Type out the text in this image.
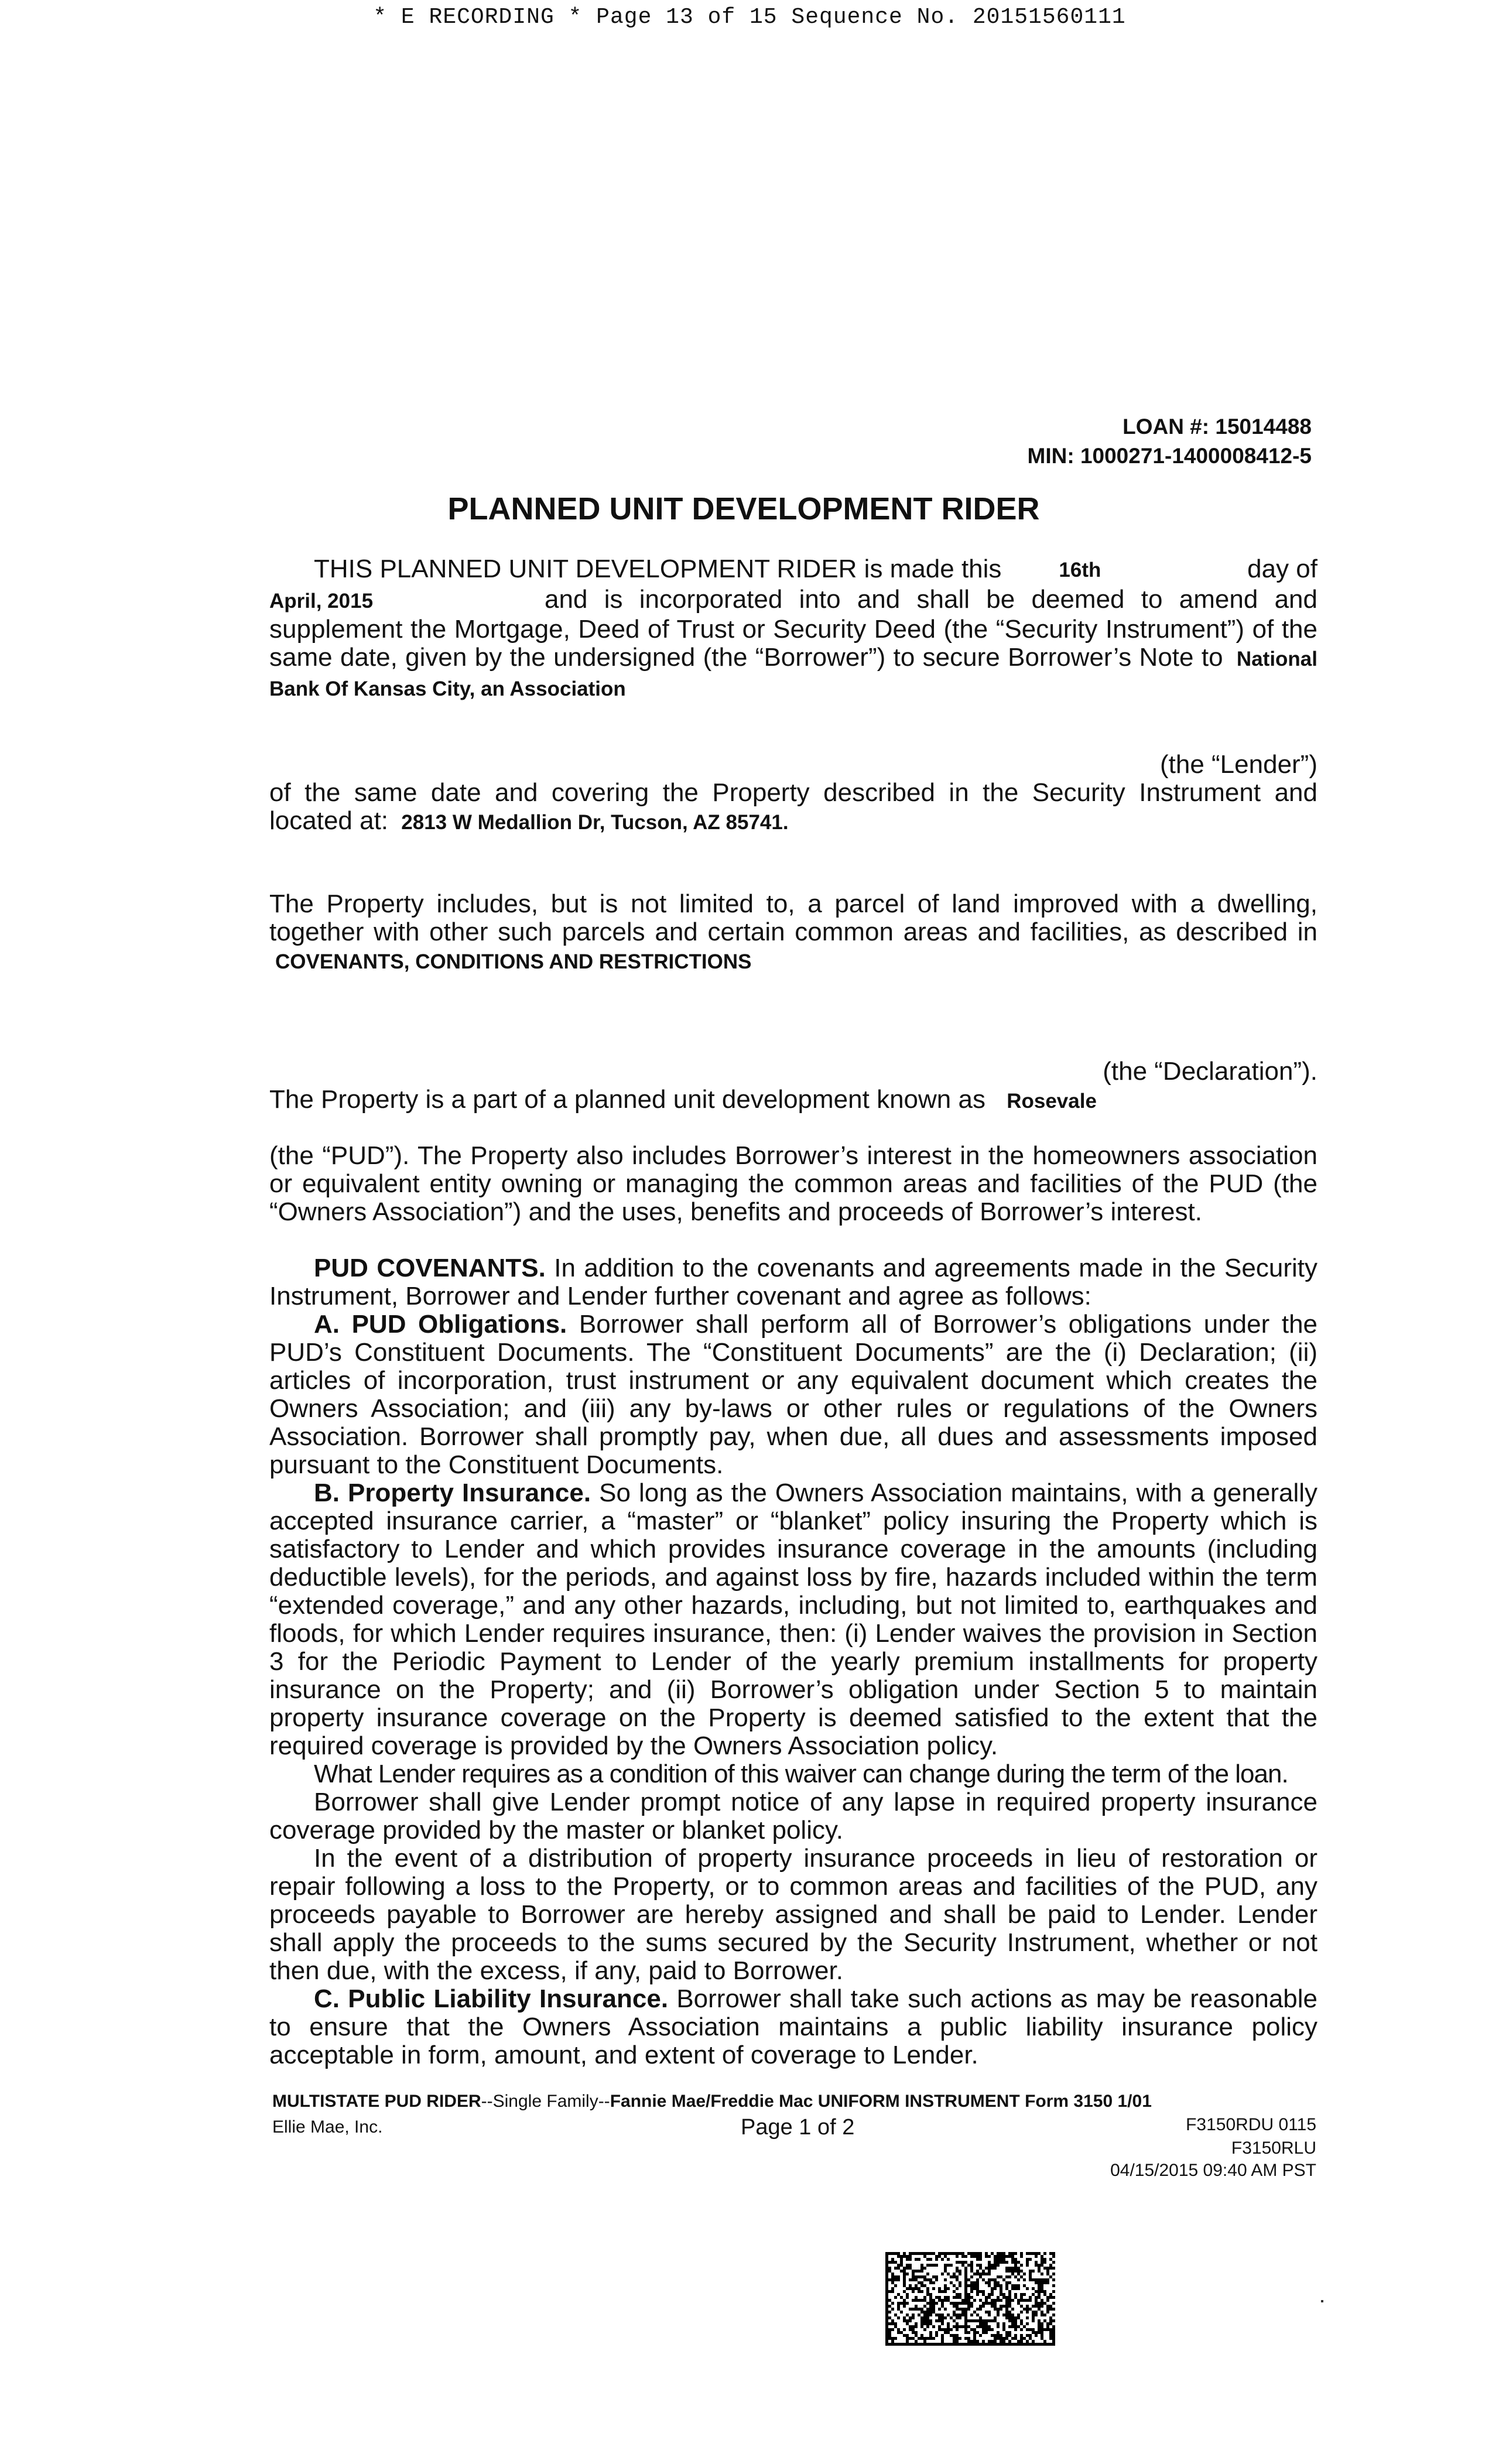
* E RECORDING * Page 13 of 15 Sequence No. 20151560111
LOAN #: 15014488
MIN: 1000271-1400008412-5
PLANNED UNIT DEVELOPMENT RIDER
THIS PLANNED UNIT DEVELOPMENT RIDER is made this	16th	day of
April, 2015	and is incorporated into and shall be deemed to amend and supplement the Mortgage, Deed of Trust or Security Deed (the “Security Instrument”) of the same date, given by the undersigned (the “Borrower”) to secure Borrower’s Note to National Bank Of Kansas City, an Association
(the “Lender”)
of the same date and covering the Property described in the Security Instrument and located at: 2813 W Medallion Dr, Tucson, AZ 85741.
The Property includes, but is not limited to, a parcel of land improved with a dwelling, together with other such parcels and certain common areas and facilities, as described in COVENANTS, CONDITIONS AND RESTRICTIONS
(the “Declaration”).
The Property is a part of a planned unit development known as Rosevale
(the “PUD”). The Property also includes Borrower’s interest in the homeowners association or equivalent entity owning or managing the common areas and facilities of the PUD (the “Owners Association”) and the uses, benefits and proceeds of Borrower’s interest.
PUD COVENANTS. In addition to the covenants and agreements made in the Security Instrument, Borrower and Lender further covenant and agree as follows:
A. PUD Obligations. Borrower shall perform all of Borrower’s obligations under the PUD’s Constituent Documents. The “Constituent Documents” are the (i) Declaration; (ii) articles of incorporation, trust instrument or any equivalent document which creates the Owners Association; and (iii) any by-laws or other rules or regulations of the Owners Association. Borrower shall promptly pay, when due, all dues and assessments imposed pursuant to the Constituent Documents.
B. Property Insurance. So long as the Owners Association maintains, with a generally accepted insurance carrier, a “master” or “blanket” policy insuring the Property which is satisfactory to Lender and which provides insurance coverage in the amounts (including deductible levels), for the periods, and against loss by fire, hazards included within the term “extended coverage,” and any other hazards, including, but not limited to, earthquakes and floods, for which Lender requires insurance, then: (i) Lender waives the provision in Section 3 for the Periodic Payment to Lender of the yearly premium installments for property insurance on the Property; and (ii) Borrower’s obligation under Section 5 to maintain property insurance coverage on the Property is deemed satisfied to the extent that the required coverage is provided by the Owners Association policy.
What Lender requires as a condition of this waiver can change during the term of the loan.
Borrower shall give Lender prompt notice of any lapse in required property insurance coverage provided by the master or blanket policy.
In the event of a distribution of property insurance proceeds in lieu of restoration or repair following a loss to the Property, or to common areas and facilities of the PUD, any proceeds payable to Borrower are hereby assigned and shall be paid to Lender. Lender shall apply the proceeds to the sums secured by the Security Instrument, whether or not then due, with the excess, if any, paid to Borrower.
C. Public Liability Insurance. Borrower shall take such actions as may be reasonable to ensure that the Owners Association maintains a public liability insurance policy acceptable in form, amount, and extent of coverage to Lender.
MULTISTATE PUD RIDER--Single Family--Fannie Mae/Freddie Mac UNIFORM INSTRUMENT Form 3150 1/01
Ellie Mae, Inc.	Page 1 of 2	F3150RDU 0115
F3150RLU
04/15/2015 09:40 AM PST
